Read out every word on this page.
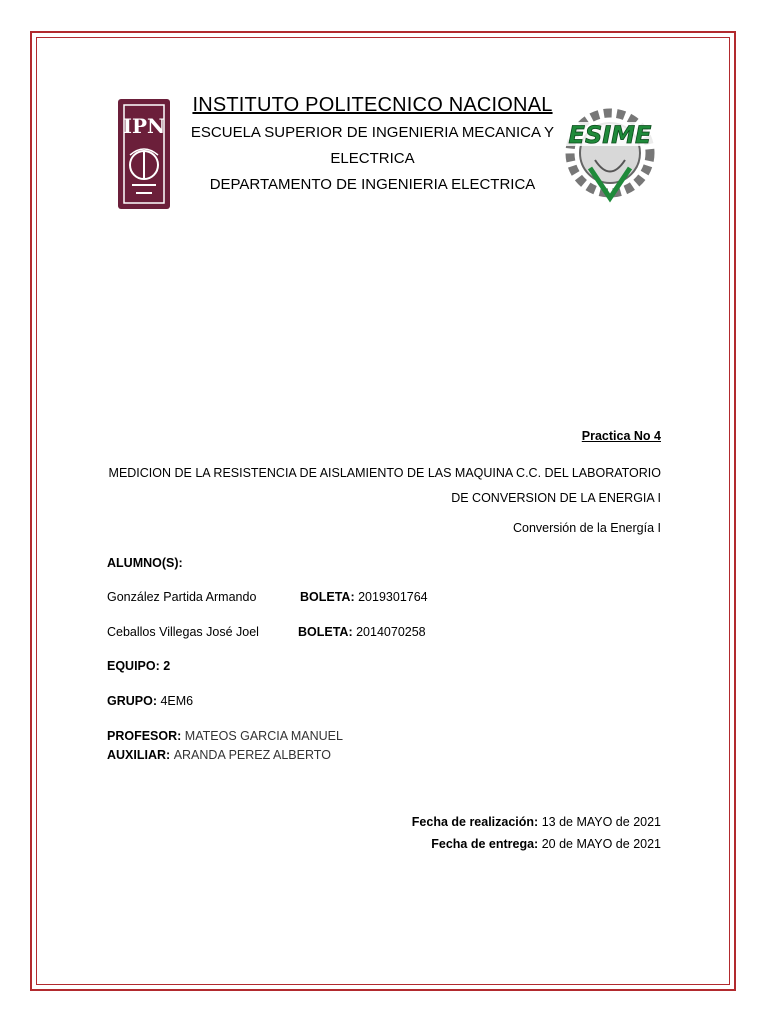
IPN	ESIME
INSTITUTO POLITECNICO NACIONAL
ESCUELA SUPERIOR DE INGENIERIA MECANICA Y
ELECTRICA
DEPARTAMENTO DE INGENIERIA ELECTRICA
Practica No 4
MEDICION DE LA RESISTENCIA DE AISLAMIENTO DE LAS MAQUINA C.C. DEL LABORATORIO
DE CONVERSION DE LA ENERGIA I
Conversión de la Energía I
ALUMNO(S):
González Partida Armando	BOLETA: 2019301764
Ceballos Villegas José Joel	BOLETA: 2014070258
EQUIPO: 2
GRUPO: 4EM6
PROFESOR: MATEOS GARCIA MANUEL
AUXILIAR: ARANDA PEREZ ALBERTO
Fecha de realización: 13 de MAYO de 2021
Fecha de entrega: 20 de MAYO de 2021
